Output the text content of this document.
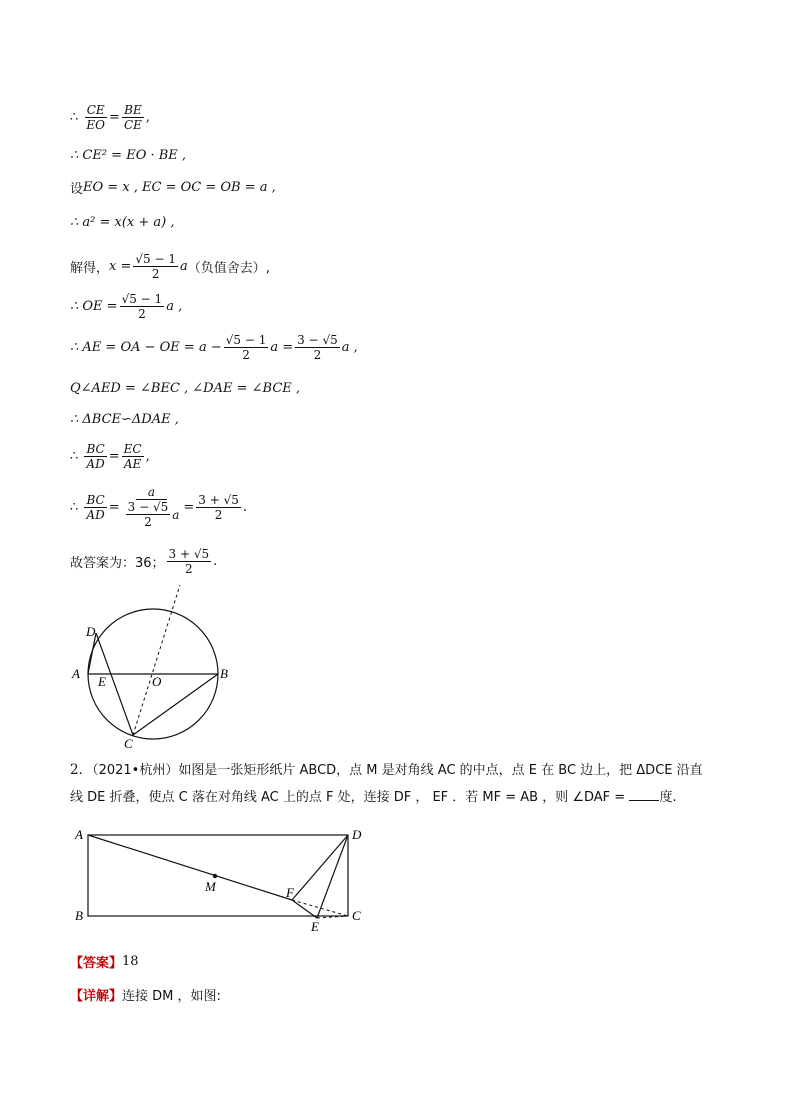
∴
$\frac{CE}{EO} = \frac{BE}{CE}$ ,
∴ CE² = EO · BE ,
设 EO = x , EC = OC = OB = a ,
∴ a² = x(x + a) ,
解得， $x = \frac{√5 - 1}{2}$ a （负值舍去）,
∴ OE = $\frac{√5 - 1}{2}$ a ,
∴ AE = OA − OE = $a - \frac{√5 - 1}{2}$ $a = \frac{3 - √5}{2}$ a ,
Q∠AED = ∠BEC , ∠DAE = ∠BCE ,
∴ ΔBCE∽ΔDAE ,
∴
$\frac{BC}{AD} = \frac{EC}{AE}$ ,
∴
$\frac{BC}{AD} = \frac{a}{\frac{3 - √5}{2} a} = \frac{3 + √5}{2}$ .
故答案为：36； $\frac{3 + √5}{2}$ .
D
A
E	O
B
C
2．（2021•杭州）如图是一张矩形纸片 ABCD，点 M 是对角线 AC 的中点，点 E 在 BC 边上，把 ΔDCE 沿直
线 DE 折叠，使点 C 落在对角线 AC 上的点 F 处，连接 DF ， EF ．若 MF = AB ，则 ∠DAF =	度.
A
B
D
C
M	F
E
【答案】 18
【详解】 连接 DM ，如图:
